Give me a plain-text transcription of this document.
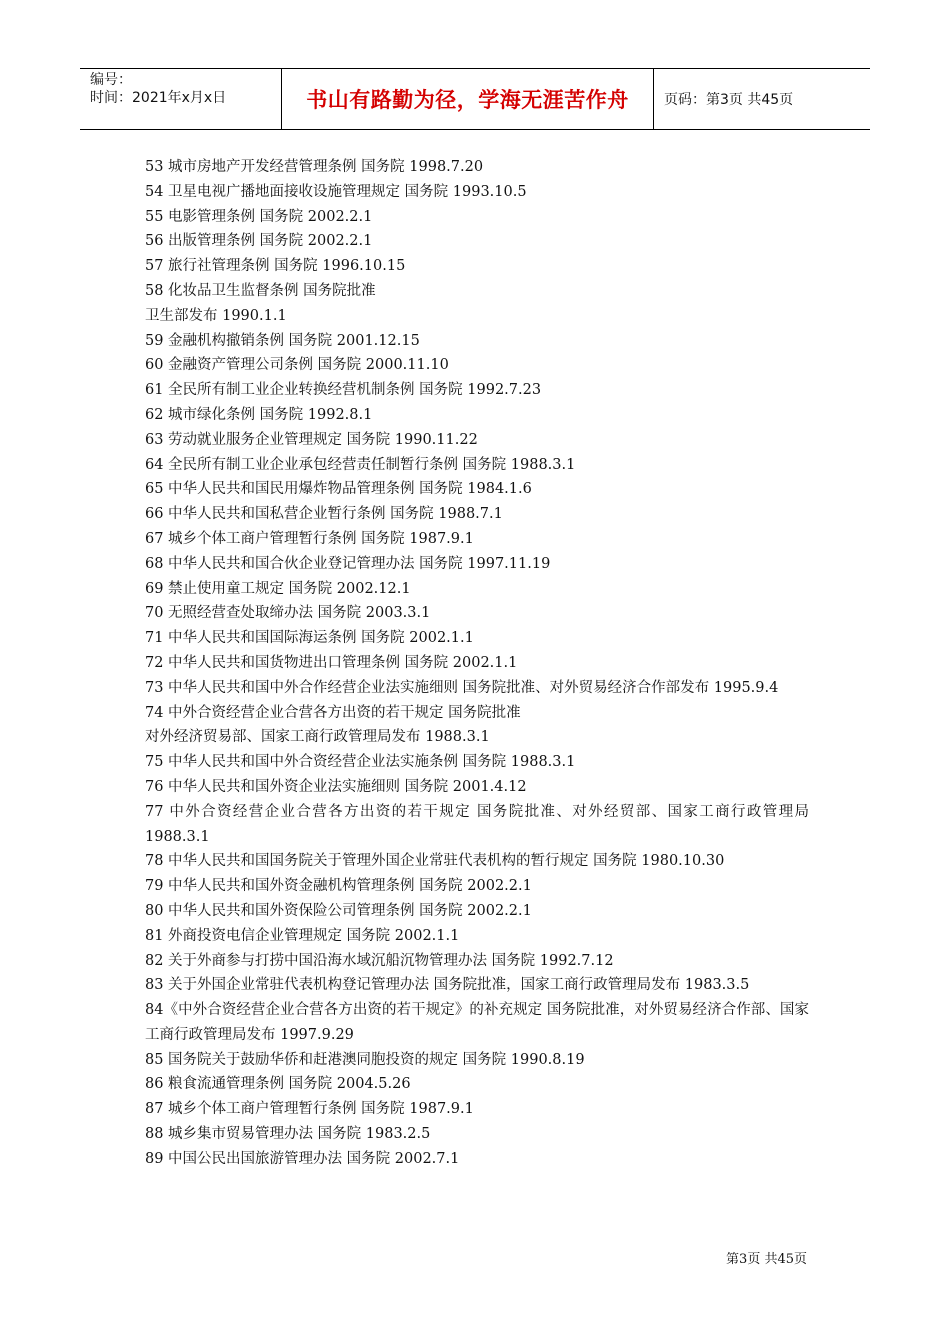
编号：
时间：2021年x月x日	书山有路勤为径，学海无涯苦作舟	页码：第3页 共45页
53 城市房地产开发经营管理条例 国务院 1998.7.20
54 卫星电视广播地面接收设施管理规定 国务院 1993.10.5
55 电影管理条例 国务院 2002.2.1
56 出版管理条例 国务院 2002.2.1
57 旅行社管理条例 国务院 1996.10.15
58 化妆品卫生监督条例 国务院批准
卫生部发布 1990.1.1
59 金融机构撤销条例 国务院 2001.12.15
60 金融资产管理公司条例 国务院 2000.11.10
61 全民所有制工业企业转换经营机制条例 国务院 1992.7.23
62 城市绿化条例 国务院 1992.8.1
63 劳动就业服务企业管理规定 国务院 1990.11.22
64 全民所有制工业企业承包经营责任制暂行条例 国务院 1988.3.1
65 中华人民共和国民用爆炸物品管理条例 国务院 1984.1.6
66 中华人民共和国私营企业暂行条例 国务院 1988.7.1
67 城乡个体工商户管理暂行条例 国务院 1987.9.1
68 中华人民共和国合伙企业登记管理办法 国务院 1997.11.19
69 禁止使用童工规定 国务院 2002.12.1
70 无照经营查处取缔办法 国务院 2003.3.1
71 中华人民共和国国际海运条例 国务院 2002.1.1
72 中华人民共和国货物进出口管理条例 国务院 2002.1.1
73 中华人民共和国中外合作经营企业法实施细则 国务院批准、对外贸易经济合作部发布 1995.9.4
74 中外合资经营企业合营各方出资的若干规定 国务院批准
对外经济贸易部、国家工商行政管理局发布 1988.3.1
75 中华人民共和国中外合资经营企业法实施条例 国务院 1988.3.1
76 中华人民共和国外资企业法实施细则 国务院 2001.4.12
77 中外合资经营企业合营各方出资的若干规定 国务院批准、对外经贸部、国家工商行政管理局 1988.3.1
78 中华人民共和国国务院关于管理外国企业常驻代表机构的暂行规定 国务院 1980.10.30
79 中华人民共和国外资金融机构管理条例 国务院 2002.2.1
80 中华人民共和国外资保险公司管理条例 国务院 2002.2.1
81 外商投资电信企业管理规定 国务院 2002.1.1
82 关于外商参与打捞中国沿海水域沉船沉物管理办法 国务院 1992.7.12
83 关于外国企业常驻代表机构登记管理办法 国务院批准，国家工商行政管理局发布 1983.3.5
84《中外合资经营企业合营各方出资的若干规定》的补充规定 国务院批准，对外贸易经济合作部、国家工商行政管理局发布 1997.9.29
85 国务院关于鼓励华侨和赶港澳同胞投资的规定 国务院 1990.8.19
86 粮食流通管理条例 国务院 2004.5.26
87 城乡个体工商户管理暂行条例 国务院 1987.9.1
88 城乡集市贸易管理办法 国务院 1983.2.5
89 中国公民出国旅游管理办法 国务院 2002.7.1
第3页 共45页
